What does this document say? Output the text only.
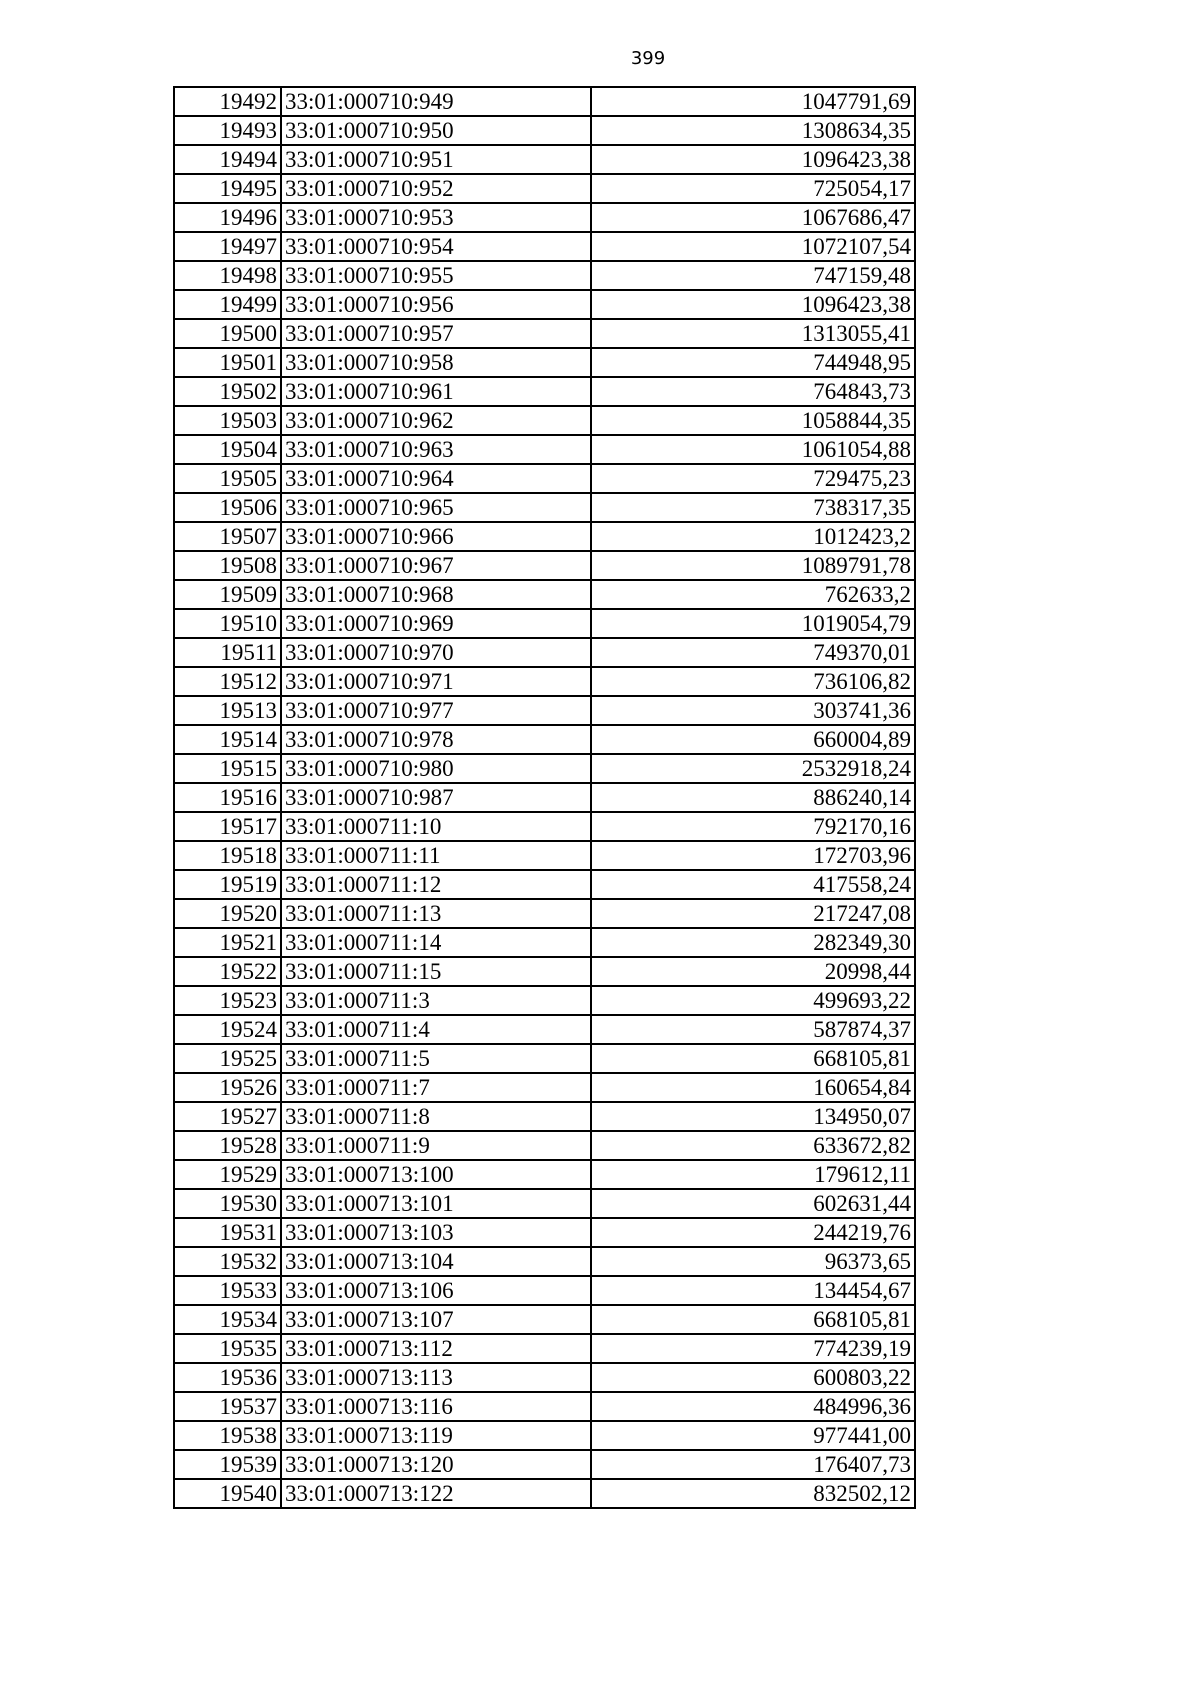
399
19492	33:01:000710:949	1047791,69
19493	33:01:000710:950	1308634,35
19494	33:01:000710:951	1096423,38
19495	33:01:000710:952	725054,17
19496	33:01:000710:953	1067686,47
19497	33:01:000710:954	1072107,54
19498	33:01:000710:955	747159,48
19499	33:01:000710:956	1096423,38
19500	33:01:000710:957	1313055,41
19501	33:01:000710:958	744948,95
19502	33:01:000710:961	764843,73
19503	33:01:000710:962	1058844,35
19504	33:01:000710:963	1061054,88
19505	33:01:000710:964	729475,23
19506	33:01:000710:965	738317,35
19507	33:01:000710:966	1012423,2
19508	33:01:000710:967	1089791,78
19509	33:01:000710:968	762633,2
19510	33:01:000710:969	1019054,79
19511	33:01:000710:970	749370,01
19512	33:01:000710:971	736106,82
19513	33:01:000710:977	303741,36
19514	33:01:000710:978	660004,89
19515	33:01:000710:980	2532918,24
19516	33:01:000710:987	886240,14
19517	33:01:000711:10	792170,16
19518	33:01:000711:11	172703,96
19519	33:01:000711:12	417558,24
19520	33:01:000711:13	217247,08
19521	33:01:000711:14	282349,30
19522	33:01:000711:15	20998,44
19523	33:01:000711:3	499693,22
19524	33:01:000711:4	587874,37
19525	33:01:000711:5	668105,81
19526	33:01:000711:7	160654,84
19527	33:01:000711:8	134950,07
19528	33:01:000711:9	633672,82
19529	33:01:000713:100	179612,11
19530	33:01:000713:101	602631,44
19531	33:01:000713:103	244219,76
19532	33:01:000713:104	96373,65
19533	33:01:000713:106	134454,67
19534	33:01:000713:107	668105,81
19535	33:01:000713:112	774239,19
19536	33:01:000713:113	600803,22
19537	33:01:000713:116	484996,36
19538	33:01:000713:119	977441,00
19539	33:01:000713:120	176407,73
19540	33:01:000713:122	832502,12
